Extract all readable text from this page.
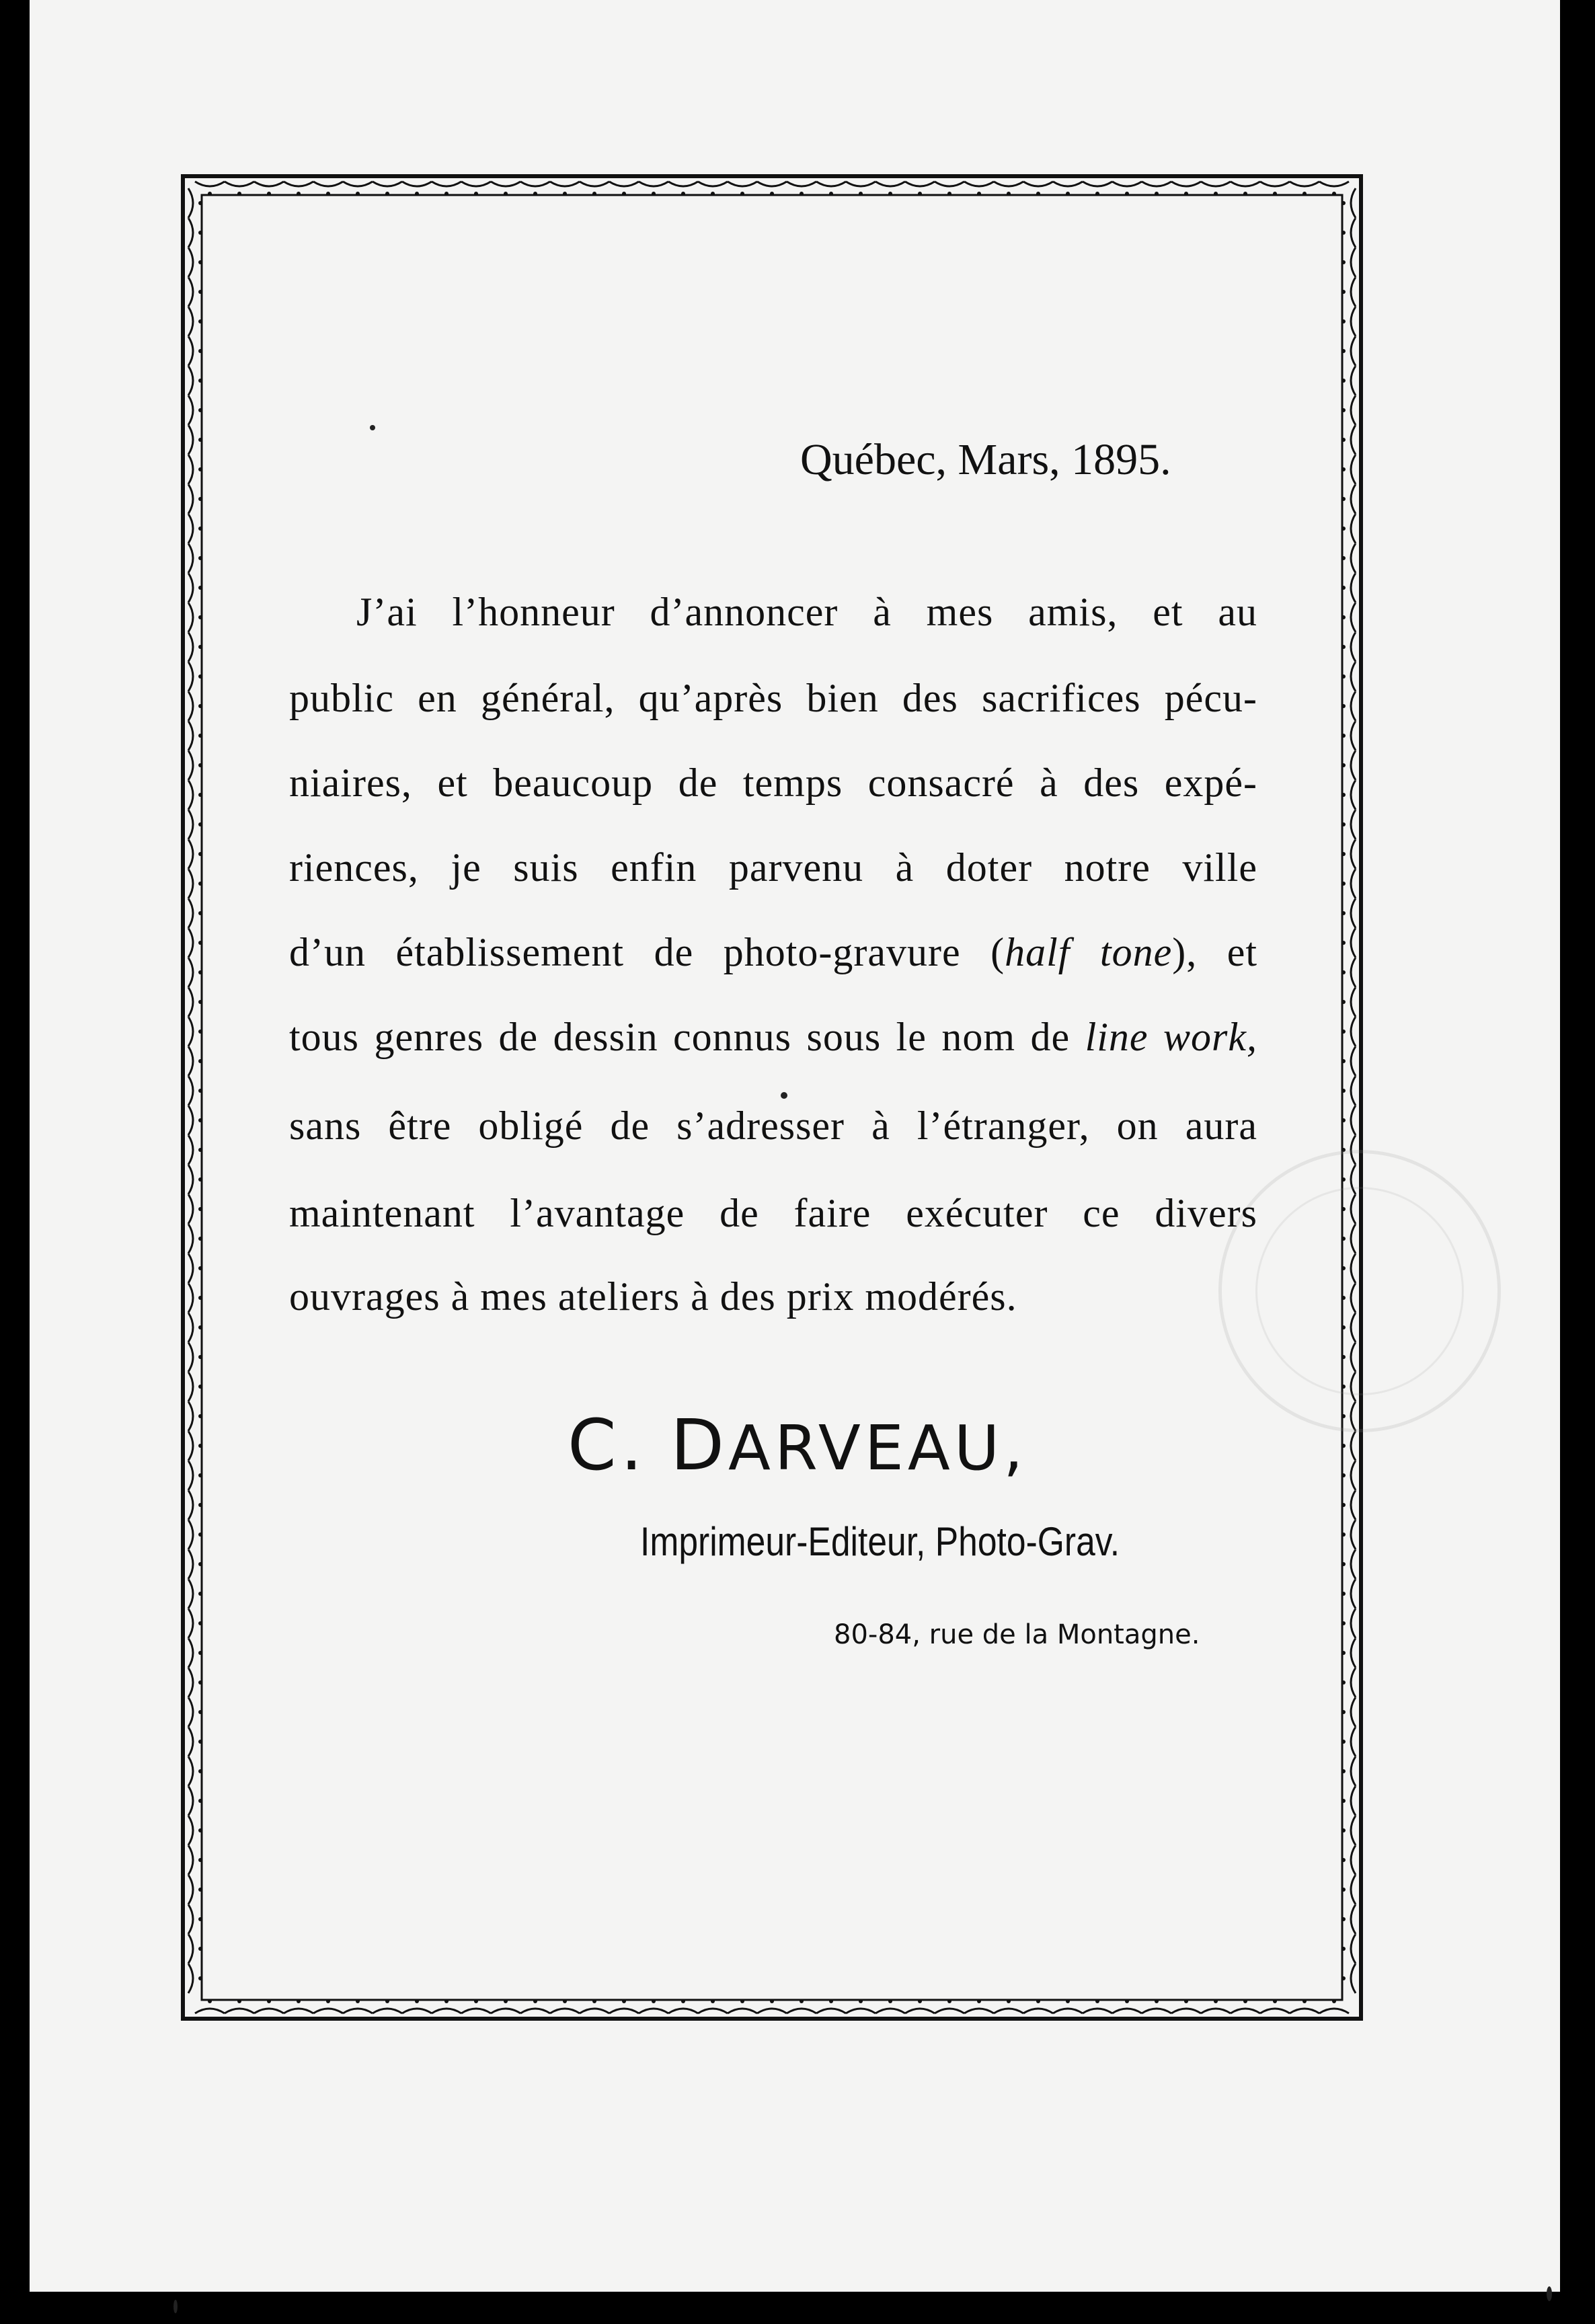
Québec, Mars, 1895.
J’ai l’honneur d’annoncer à mes amis, et au
public en général, qu’après bien des sacrifices pécu-
niaires, et beaucoup de temps consacré à des expé-
riences, je suis enfin parvenu à doter notre ville
d’un établissement de photo-gravure (half tone), et
tous genres de dessin connus sous le nom de line work,
sans être obligé de s’adresser à l’étranger, on aura
maintenant l’avantage de faire exécuter ce divers
ouvrages à mes ateliers à des prix modérés.
C. DARVEAU,
Imprimeur-Editeur, Photo-Grav.
80-84, rue de la Montagne.
